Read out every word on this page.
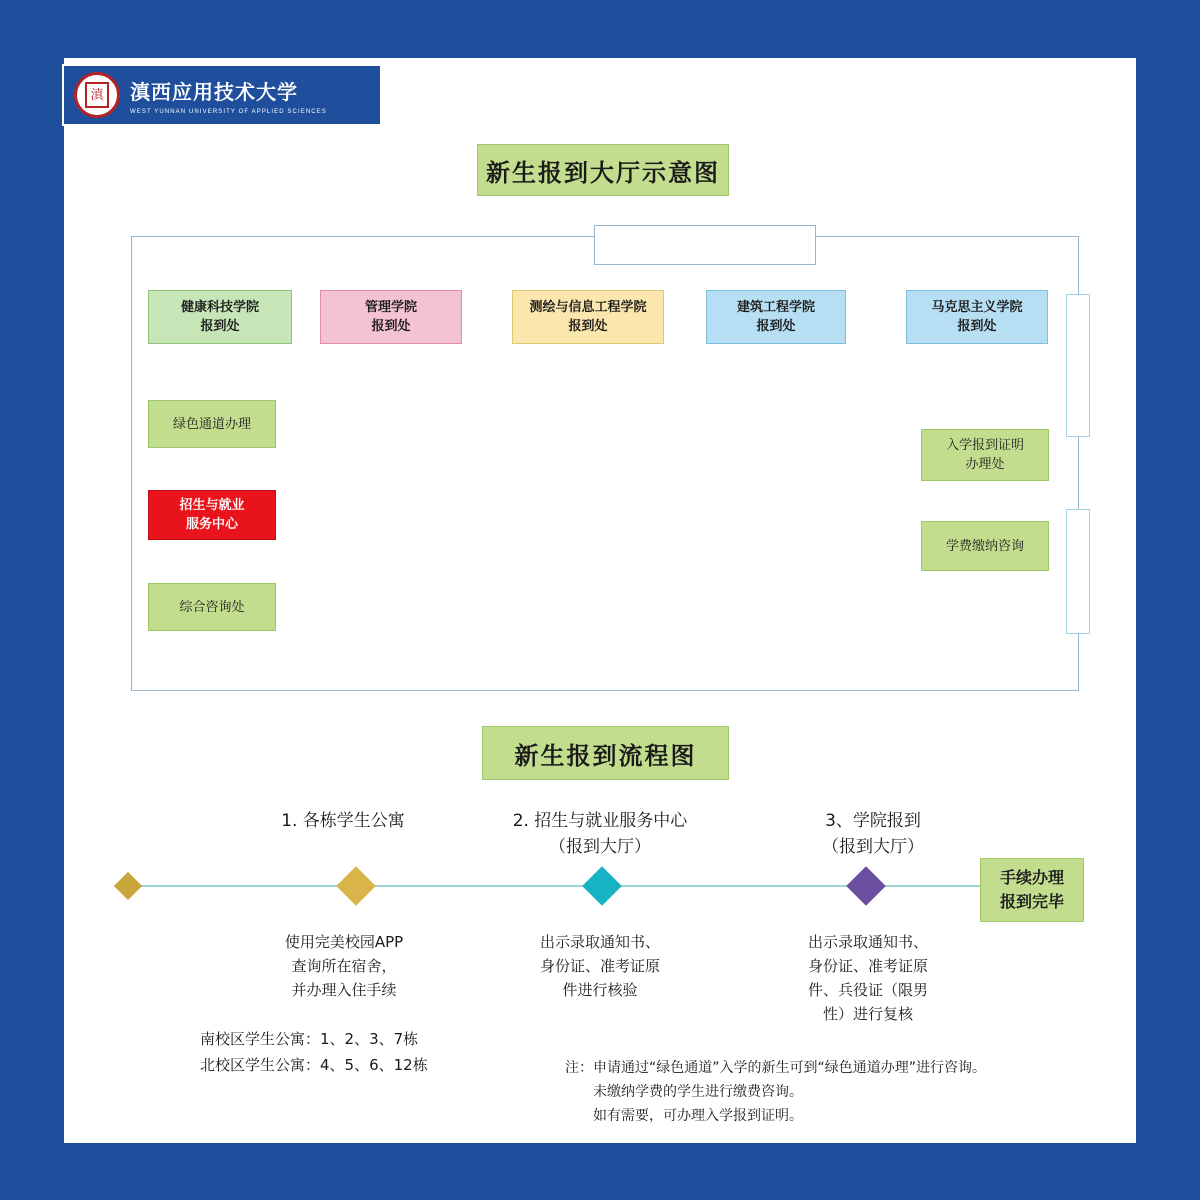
滇 滇西应用技术大学
WEST YUNNAN UNIVERSITY OF APPLIED SCIENCES
新生报到大厅示意图
健康科技学院
报到处
管理学院
报到处
测绘与信息工程学院
报到处
建筑工程学院
报到处
马克思主义学院
报到处
绿色通道办理
招生与就业
服务中心
综合咨询处
入学报到证明
办理处
学费缴纳咨询
新生报到流程图
1. 各栋学生公寓	2. 招生与就业服务中心
（报到大厅）
3、学院报到
（报到大厅）
使用完美校园APP
查询所在宿舍，
并办理入住手续
出示录取通知书、
身份证、准考证原
件进行核验
出示录取通知书、
身份证、准考证原
件、兵役证（限男
性）进行复核
手续办理
报到完毕
南校区学生公寓：1、2、3、7栋
北校区学生公寓：4、5、6、12栋	注：申请通过“绿色通道”入学的新生可到“绿色通道办理”进行咨询。
未缴纳学费的学生进行缴费咨询。
如有需要，可办理入学报到证明。
